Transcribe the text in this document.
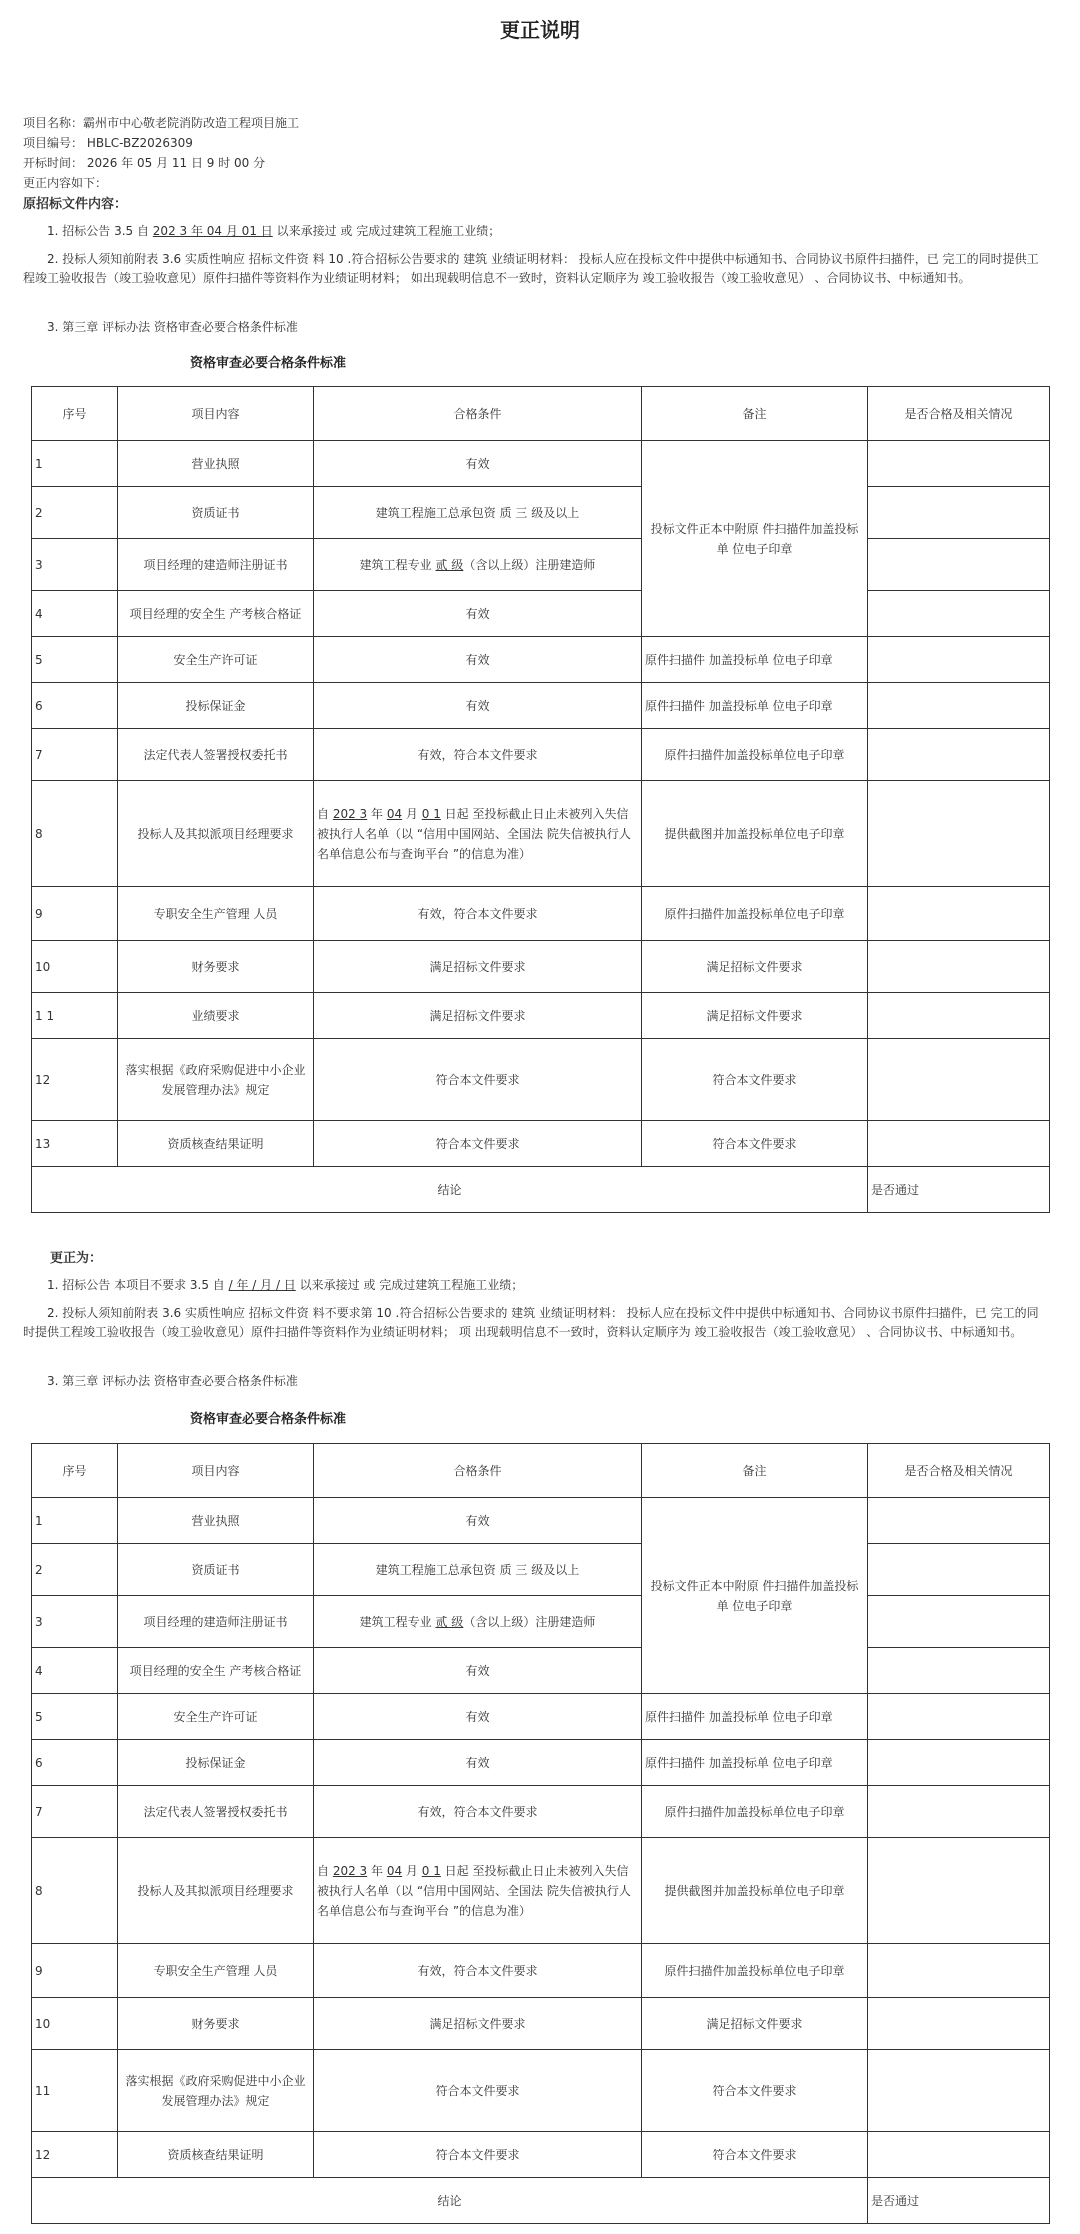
更正说明
项目名称：霸州市中心敬老院消防改造工程项目施工
项目编号： HBLC-BZ2026309
开标时间： 2026 年 05 月 11 日 9 时 00 分
更正内容如下：
原招标文件内容：
1. 招标公告 3.5 自 202 3 年 04 月 01 日 以来承接过 或 完成过建筑工程施工业绩；
2. 投标人须知前附表 3.6 实质性响应 招标文件资 料 10 .符合招标公告要求的 建筑 业绩证明材料： 投标人应在投标文件中提供中标通知书、合同协议书原件扫描件，已 完工的同时提供工程竣工验收报告（竣工验收意见）原件扫描件等资料作为业绩证明材料； 如出现载明信息不一致时，资料认定顺序为 竣工验收报告（竣工验收意见） 、合同协议书、中标通知书。
3. 第三章 评标办法 资格审查必要合格条件标准
资格审查必要合格条件标准
序号	项目内容	合格条件	备注	是否合格及相关情况
1	营业执照	有效	投标文件正本中附原 件扫描件加盖投标单 位电子印章	
2	资质证书	建筑工程施工总承包资 质 三 级及以上		
3	项目经理的建造师注册证书	建筑工程专业 贰 级（含以上级）注册建造师		
4	项目经理的安全生 产考核合格证	有效		
5	安全生产许可证	有效	原件扫描件 加盖投标单 位电子印章	
6	投标保证金	有效	原件扫描件 加盖投标单 位电子印章	
7	法定代表人签署授权委托书	有效，符合本文件要求	原件扫描件加盖投标单位电子印章	
8	投标人及其拟派项目经理要求	自 202 3 年 04 月 0 1 日起 至投标截止日止未被列入失信被执行人名单（以 “信用中国网站、全国法 院失信被执行人名单信息公布与查询平台 ”的信息为准）	提供截图并加盖投标单位电子印章	
9	专职安全生产管理 人员	有效，符合本文件要求	原件扫描件加盖投标单位电子印章	
10	财务要求	满足招标文件要求	满足招标文件要求	
1 1	业绩要求	满足招标文件要求	满足招标文件要求	
12	落实根据《政府采购促进中小企业发展管理办法》规定	符合本文件要求	符合本文件要求	
13	资质核查结果证明	符合本文件要求	符合本文件要求	
结论				是否通过
更正为：
1. 招标公告 本项目不要求 3.5 自 / 年 / 月 / 日 以来承接过 或 完成过建筑工程施工业绩；
2. 投标人须知前附表 3.6 实质性响应 招标文件资 料不要求第 10 .符合招标公告要求的 建筑 业绩证明材料： 投标人应在投标文件中提供中标通知书、合同协议书原件扫描件，已 完工的同时提供工程竣工验收报告（竣工验收意见）原件扫描件等资料作为业绩证明材料； 项 出现载明信息不一致时，资料认定顺序为 竣工验收报告（竣工验收意见） 、合同协议书、中标通知书。
3. 第三章 评标办法 资格审查必要合格条件标准
资格审查必要合格条件标准
序号	项目内容	合格条件	备注	是否合格及相关情况
1	营业执照	有效	投标文件正本中附原 件扫描件加盖投标单 位电子印章	
2	资质证书	建筑工程施工总承包资 质 三 级及以上		
3	项目经理的建造师注册证书	建筑工程专业 贰 级（含以上级）注册建造师		
4	项目经理的安全生 产考核合格证	有效		
5	安全生产许可证	有效	原件扫描件 加盖投标单 位电子印章	
6	投标保证金	有效	原件扫描件 加盖投标单 位电子印章	
7	法定代表人签署授权委托书	有效，符合本文件要求	原件扫描件加盖投标单位电子印章	
8	投标人及其拟派项目经理要求	自 202 3 年 04 月 0 1 日起 至投标截止日止未被列入失信被执行人名单（以 “信用中国网站、全国法 院失信被执行人名单信息公布与查询平台 ”的信息为准）	提供截图并加盖投标单位电子印章	
9	专职安全生产管理 人员	有效，符合本文件要求	原件扫描件加盖投标单位电子印章	
10	财务要求	满足招标文件要求	满足招标文件要求	
11	落实根据《政府采购促进中小企业发展管理办法》规定	符合本文件要求	符合本文件要求	
12	资质核查结果证明	符合本文件要求	符合本文件要求	
结论				是否通过
